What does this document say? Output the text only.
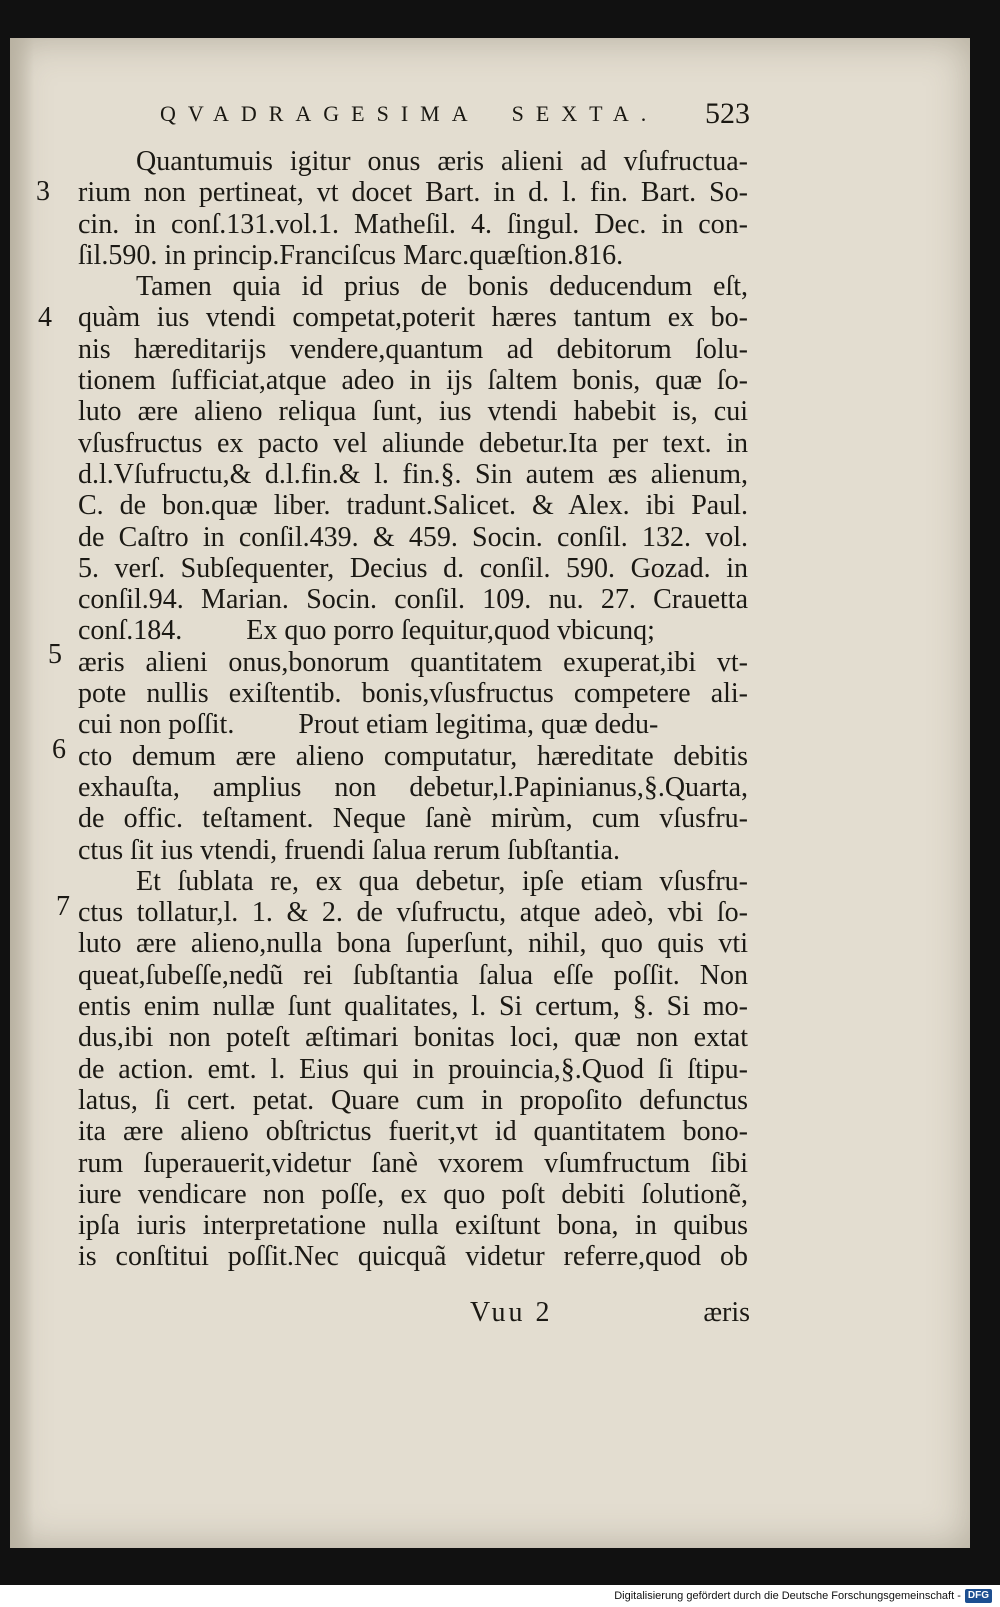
QVADRAGESIMA SEXTA. 523
3
4
5
6
7
Quantumuis igitur onus æris alieni ad vſufructua-
rium non pertineat, vt docet Bart. in d. l. fin. Bart. So-
cin. in conſ.131.vol.1. Matheſil. 4. ſingul. Dec. in con-
ſil.590. in princip.Franciſcus Marc.quæſtion.816.
Tamen quia id prius de bonis deducendum eſt,
quàm ius vtendi competat,poterit hæres tantum ex bo-
nis hæreditarijs vendere,quantum ad debitorum ſolu-
tionem ſufficiat,atque adeo in ijs ſaltem bonis, quæ ſo-
luto ære alieno reliqua ſunt, ius vtendi habebit is, cui
vſusfructus ex pacto vel aliunde debetur.Ita per text. in
d.l.Vſufructu,& d.l.fin.& l. fin.§. Sin autem æs alienum,
C. de bon.quæ liber. tradunt.Salicet. & Alex. ibi Paul.
de Caſtro in conſil.439. & 459. Socin. conſil. 132. vol.
5. verſ. Subſequenter, Decius d. conſil. 590. Gozad. in
conſil.94. Marian. Socin. conſil. 109. nu. 27. Crauetta
conſ.184. Ex quo porro ſequitur,quod vbicunq;
æris alieni onus,bonorum quantitatem exuperat,ibi vt-
pote nullis exiſtentib. bonis,vſusfructus competere ali-
cui non poſſit. Prout etiam legitima, quæ dedu-
cto demum ære alieno computatur, hæreditate debitis
exhauſta, amplius non debetur,l.Papinianus,§.Quarta,
de offic. teſtament. Neque ſanè mirùm, cum vſusfru-
ctus ſit ius vtendi, fruendi ſalua rerum ſubſtantia.
Et ſublata re, ex qua debetur, ipſe etiam vſusfru-
ctus tollatur,l. 1. & 2. de vſufructu, atque adeò, vbi ſo-
luto ære alieno,nulla bona ſuperſunt, nihil, quo quis vti
queat,ſubeſſe,nedũ rei ſubſtantia ſalua eſſe poſſit. Non
entis enim nullæ ſunt qualitates, l. Si certum, §. Si mo-
dus,ibi non poteſt æſtimari bonitas loci, quæ non extat
de action. emt. l. Eius qui in prouincia,§.Quod ſi ſtipu-
latus, ſi cert. petat. Quare cum in propoſito defunctus
ita ære alieno obſtrictus fuerit,vt id quantitatem bono-
rum ſuperauerit,videtur ſanè vxorem vſumfructum ſibi
iure vendicare non poſſe, ex quo poſt debiti ſolutionẽ,
ipſa iuris interpretatione nulla exiſtunt bona, in quibus
is conſtitui poſſit.Nec quicquã videtur referre,quod ob
Vuu 2	æris
Digitalisierung gefördert durch die Deutsche Forschungsgemeinschaft - DFG
